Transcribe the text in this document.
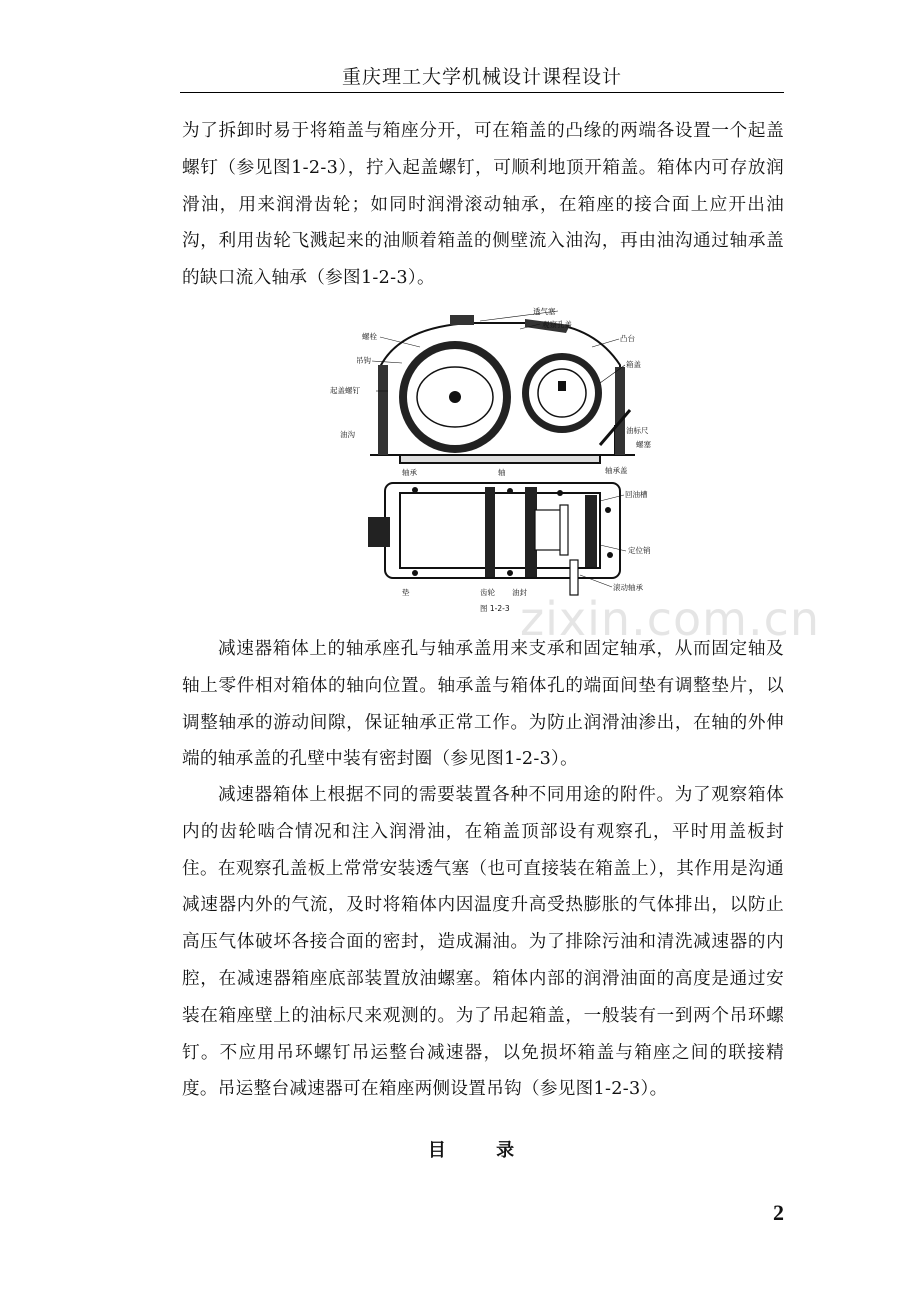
重庆理工大学机械设计课程设计

为了拆卸时易于将箱盖与箱座分开，可在箱盖的凸缘的两端各设置一个起盖螺钉（参见图1-2-3），拧入起盖螺钉，可顺利地顶开箱盖。箱体内可存放润滑油，用来润滑齿轮；如同时润滑滚动轴承，在箱座的接合面上应开出油沟，利用齿轮飞溅起来的油顺着箱盖的侧壁流入油沟，再由油沟通过轴承盖的缺口流入轴承（参图1-2-3）。

透气塞
观察孔盖
凸台
箱盖
螺栓
吊钩
起盖螺钉
油标尺
螺塞
油沟
轴承	轴	轴承盖
回油槽
定位销
滚动轴承
油封
齿轮
垫
图 1-2-3

减速器箱体上的轴承座孔与轴承盖用来支承和固定轴承，从而固定轴及轴上零件相对箱体的轴向位置。轴承盖与箱体孔的端面间垫有调整垫片，以调整轴承的游动间隙，保证轴承正常工作。为防止润滑油渗出，在轴的外伸端的轴承盖的孔壁中装有密封圈（参见图1-2-3）。

减速器箱体上根据不同的需要装置各种不同用途的附件。为了观察箱体内的齿轮啮合情况和注入润滑油，在箱盖顶部设有观察孔，平时用盖板封住。在观察孔盖板上常常安装透气塞（也可直接装在箱盖上），其作用是沟通减速器内外的气流，及时将箱体内因温度升高受热膨胀的气体排出，以防止高压气体破坏各接合面的密封，造成漏油。为了排除污油和清洗减速器的内腔，在减速器箱座底部装置放油螺塞。箱体内部的润滑油面的高度是通过安装在箱座壁上的油标尺来观测的。为了吊起箱盖，一般装有一到两个吊环螺钉。不应用吊环螺钉吊运整台减速器，以免损坏箱盖与箱座之间的联接精度。吊运整台减速器可在箱座两侧设置吊钩（参见图1-2-3）。

目 录
2
zixin.com.cn
